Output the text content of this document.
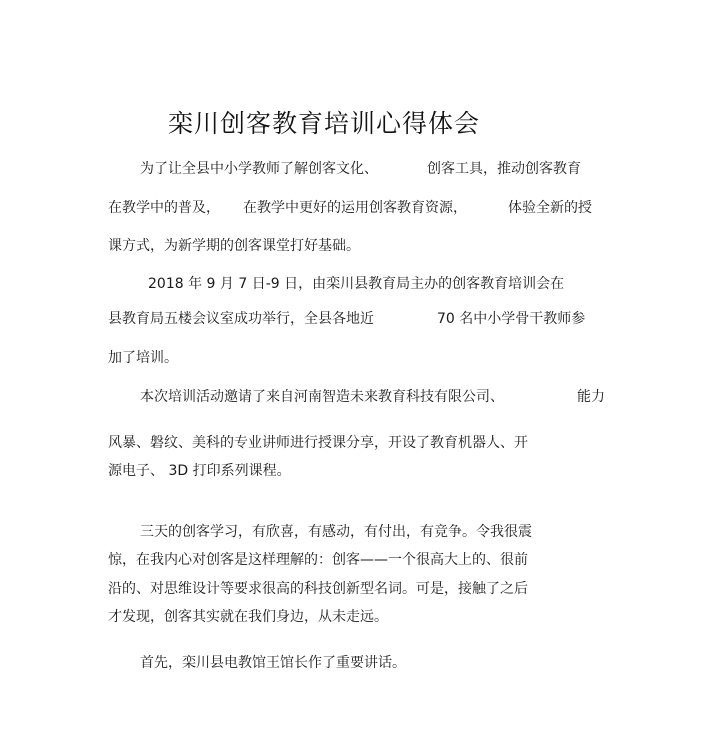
栾川创客教育培训心得体会
为了让全县中小学教师了解创客文化、	创客工具，推动创客教育
在教学中的普及， 在教学中更好的运用创客教育资源，	体验全新的授
课方式，为新学期的创客课堂打好基础。
2018 年 9 月 7 日-9 日，由栾川县教育局主办的创客教育培训会在
县教育局五楼会议室成功举行，全县各地近	70 名中小学骨干教师参
加了培训。
本次培训活动邀请了来自河南智造未来教育科技有限公司、	能力
风暴、磐纹、美科的专业讲师进行授课分享，开设了教育机器人、开
源电子、 3D 打印系列课程。
三天的创客学习，有欣喜，有感动，有付出，有竞争。令我很震
惊，在我内心对创客是这样理解的：创客——一个很高大上的、很前
沿的、对思维设计等要求很高的科技创新型名词。可是，接触了之后
才发现，创客其实就在我们身边，从未走远。
首先，栾川县电教馆王馆长作了重要讲话。
